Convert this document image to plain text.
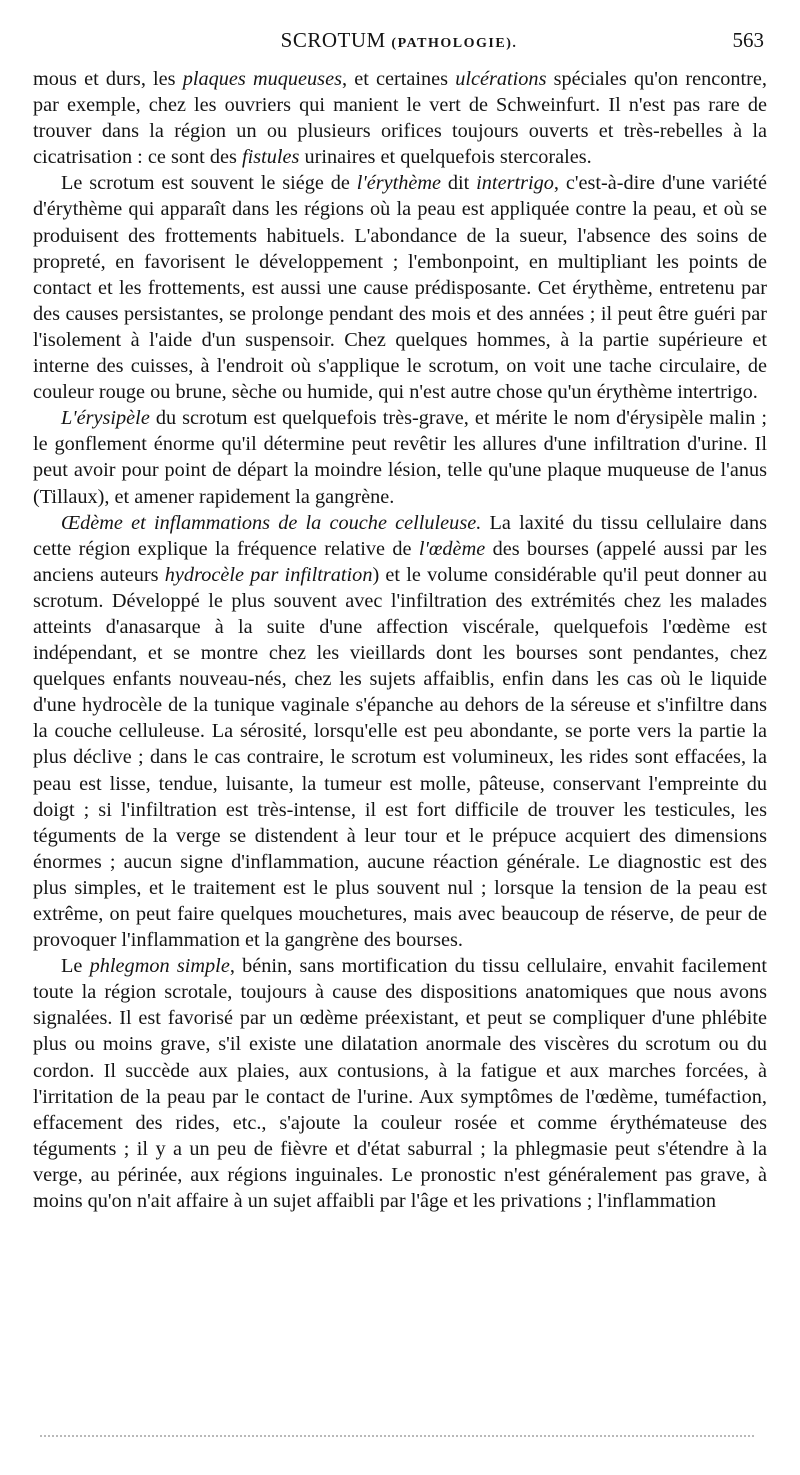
SCROTUM (PATHOLOGIE).	563

mous et durs, les plaques muqueuses, et certaines ulcérations spéciales qu'on rencontre, par exemple, chez les ouvriers qui manient le vert de Schweinfurt. Il n'est pas rare de trouver dans la région un ou plusieurs orifices toujours ouverts et très-rebelles à la cicatrisation : ce sont des fistules urinaires et quelquefois stercorales.

Le scrotum est souvent le siége de l'érythème dit intertrigo, c'est-à-dire d'une variété d'érythème qui apparaît dans les régions où la peau est appliquée contre la peau, et où se produisent des frottements habituels. L'abondance de la sueur, l'absence des soins de propreté, en favorisent le développement ; l'embonpoint, en multipliant les points de contact et les frottements, est aussi une cause prédisposante. Cet érythème, entretenu par des causes persistantes, se prolonge pendant des mois et des années ; il peut être guéri par l'isolement à l'aide d'un suspensoir. Chez quelques hommes, à la partie supérieure et interne des cuisses, à l'endroit où s'applique le scrotum, on voit une tache circulaire, de couleur rouge ou brune, sèche ou humide, qui n'est autre chose qu'un érythème intertrigo.

L'érysipèle du scrotum est quelquefois très-grave, et mérite le nom d'érysipèle malin ; le gonflement énorme qu'il détermine peut revêtir les allures d'une infiltration d'urine. Il peut avoir pour point de départ la moindre lésion, telle qu'une plaque muqueuse de l'anus (Tillaux), et amener rapidement la gangrène.

Œdème et inflammations de la couche celluleuse. La laxité du tissu cellulaire dans cette région explique la fréquence relative de l'œdème des bourses (appelé aussi par les anciens auteurs hydrocèle par infiltration) et le volume considérable qu'il peut donner au scrotum. Développé le plus souvent avec l'infiltration des extrémités chez les malades atteints d'anasarque à la suite d'une affection viscérale, quelquefois l'œdème est indépendant, et se montre chez les vieillards dont les bourses sont pendantes, chez quelques enfants nouveau-nés, chez les sujets affaiblis, enfin dans les cas où le liquide d'une hydrocèle de la tunique vaginale s'épanche au dehors de la séreuse et s'infiltre dans la couche celluleuse. La sérosité, lorsqu'elle est peu abondante, se porte vers la partie la plus déclive ; dans le cas contraire, le scrotum est volumineux, les rides sont effacées, la peau est lisse, tendue, luisante, la tumeur est molle, pâteuse, conservant l'empreinte du doigt ; si l'infiltration est très-intense, il est fort difficile de trouver les testicules, les téguments de la verge se distendent à leur tour et le prépuce acquiert des dimensions énormes ; aucun signe d'inflammation, aucune réaction générale. Le diagnostic est des plus simples, et le traitement est le plus souvent nul ; lorsque la tension de la peau est extrême, on peut faire quelques mouchetures, mais avec beaucoup de réserve, de peur de provoquer l'inflammation et la gangrène des bourses.

Le phlegmon simple, bénin, sans mortification du tissu cellulaire, envahit facilement toute la région scrotale, toujours à cause des dispositions anatomiques que nous avons signalées. Il est favorisé par un œdème préexistant, et peut se compliquer d'une phlébite plus ou moins grave, s'il existe une dilatation anormale des viscères du scrotum ou du cordon. Il succède aux plaies, aux contusions, à la fatigue et aux marches forcées, à l'irritation de la peau par le contact de l'urine. Aux symptômes de l'œdème, tuméfaction, effacement des rides, etc., s'ajoute la couleur rosée et comme érythémateuse des téguments ; il y a un peu de fièvre et d'état saburral ; la phlegmasie peut s'étendre à la verge, au périnée, aux régions inguinales. Le pronostic n'est généralement pas grave, à moins qu'on n'ait affaire à un sujet affaibli par l'âge et les privations ; l'inflammation
